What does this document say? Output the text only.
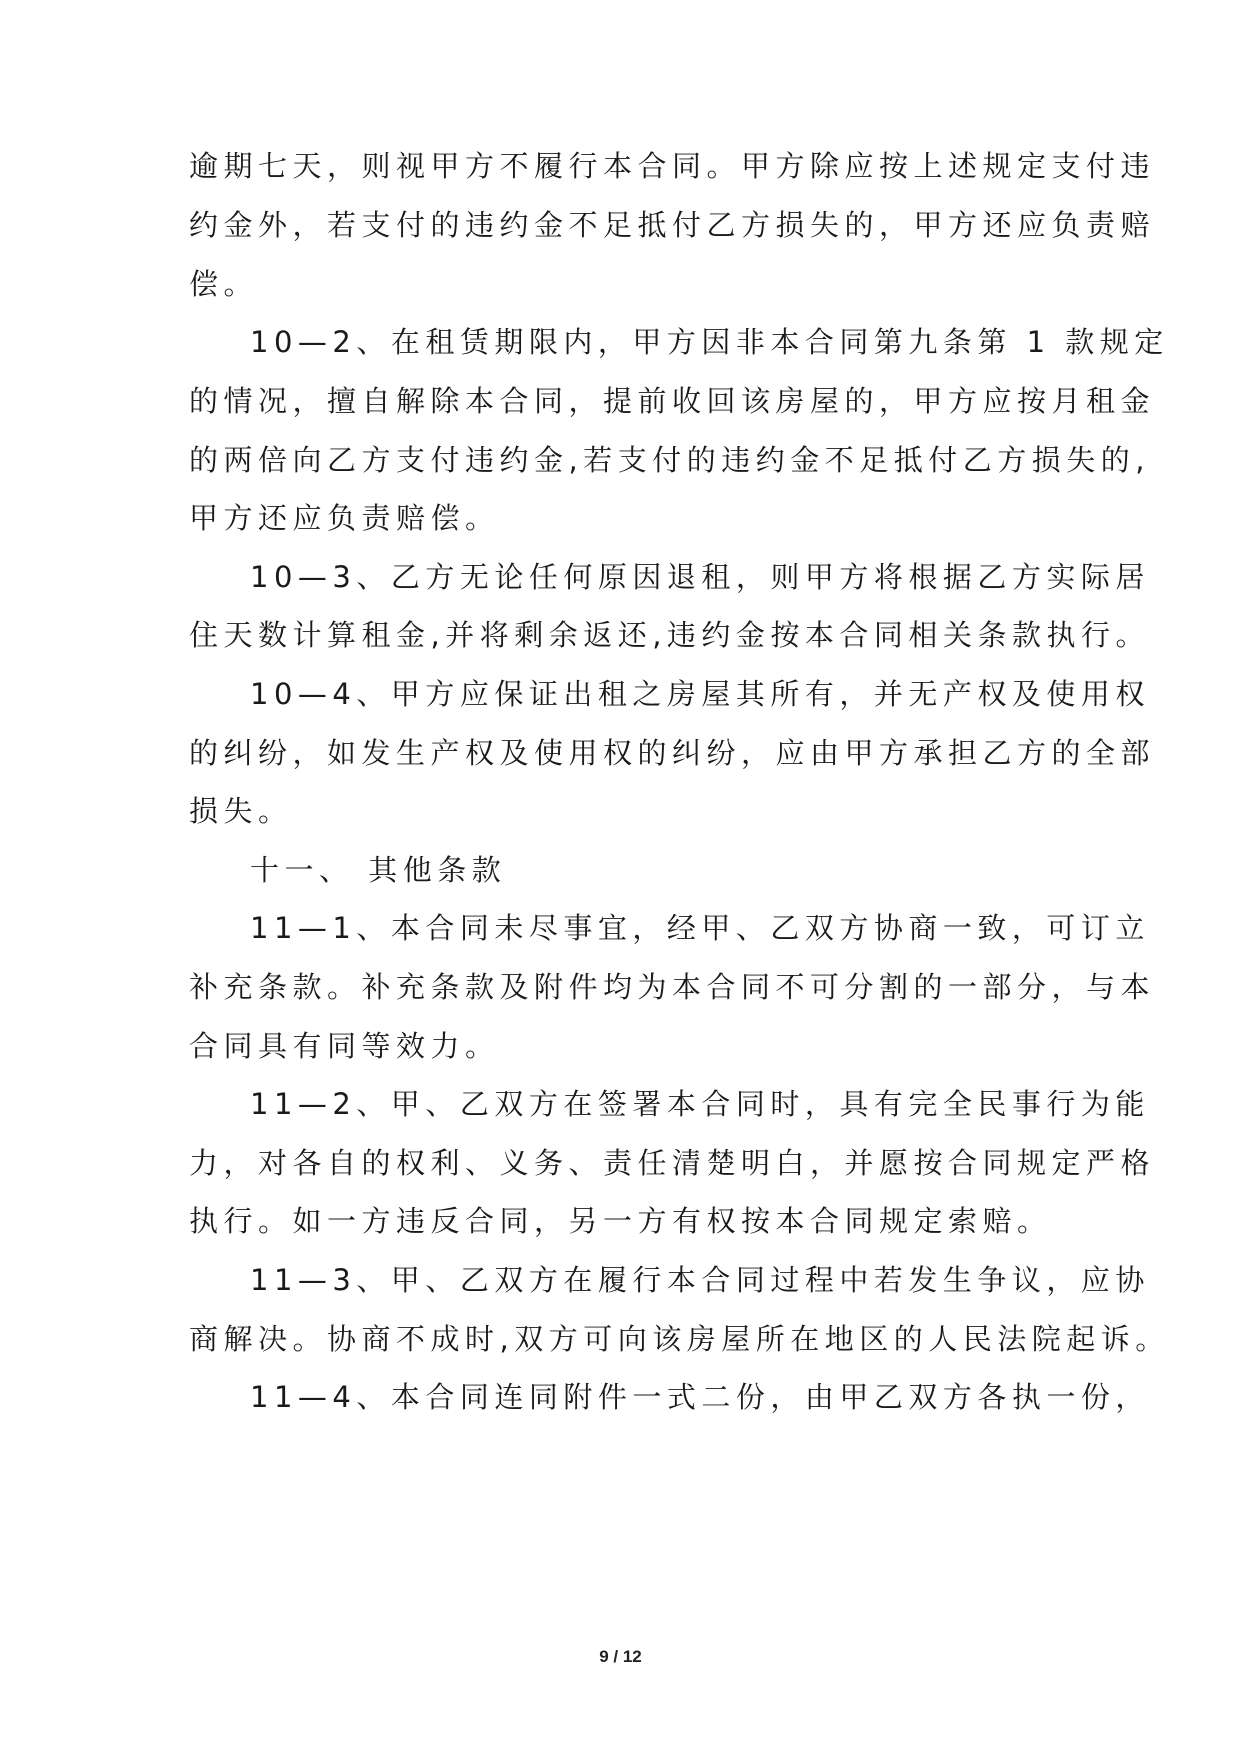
逾期七天，则视甲方不履行本合同。甲方除应按上述规定支付违
约金外，若支付的违约金不足抵付乙方损失的，甲方还应负责赔
偿。
10—2、在租赁期限内，甲方因非本合同第九条第 1 款规定
的情况，擅自解除本合同，提前收回该房屋的，甲方应按月租金
的两倍向乙方支付违约金,若支付的违约金不足抵付乙方损失的,
甲方还应负责赔偿。
10—3、乙方无论任何原因退租，则甲方将根据乙方实际居
住天数计算租金,并将剩余返还,违约金按本合同相关条款执行。
10—4、甲方应保证出租之房屋其所有，并无产权及使用权
的纠纷，如发生产权及使用权的纠纷，应由甲方承担乙方的全部
损失。
十一、 其他条款
11—1、本合同未尽事宜，经甲、乙双方协商一致，可订立
补充条款。补充条款及附件均为本合同不可分割的一部分，与本
合同具有同等效力。
11—2、甲、乙双方在签署本合同时，具有完全民事行为能
力，对各自的权利、义务、责任清楚明白，并愿按合同规定严格
执行。如一方违反合同，另一方有权按本合同规定索赔。
11—3、甲、乙双方在履行本合同过程中若发生争议，应协
商解决。协商不成时,双方可向该房屋所在地区的人民法院起诉。
11—4、本合同连同附件一式二份，由甲乙双方各执一份，
9 / 12
